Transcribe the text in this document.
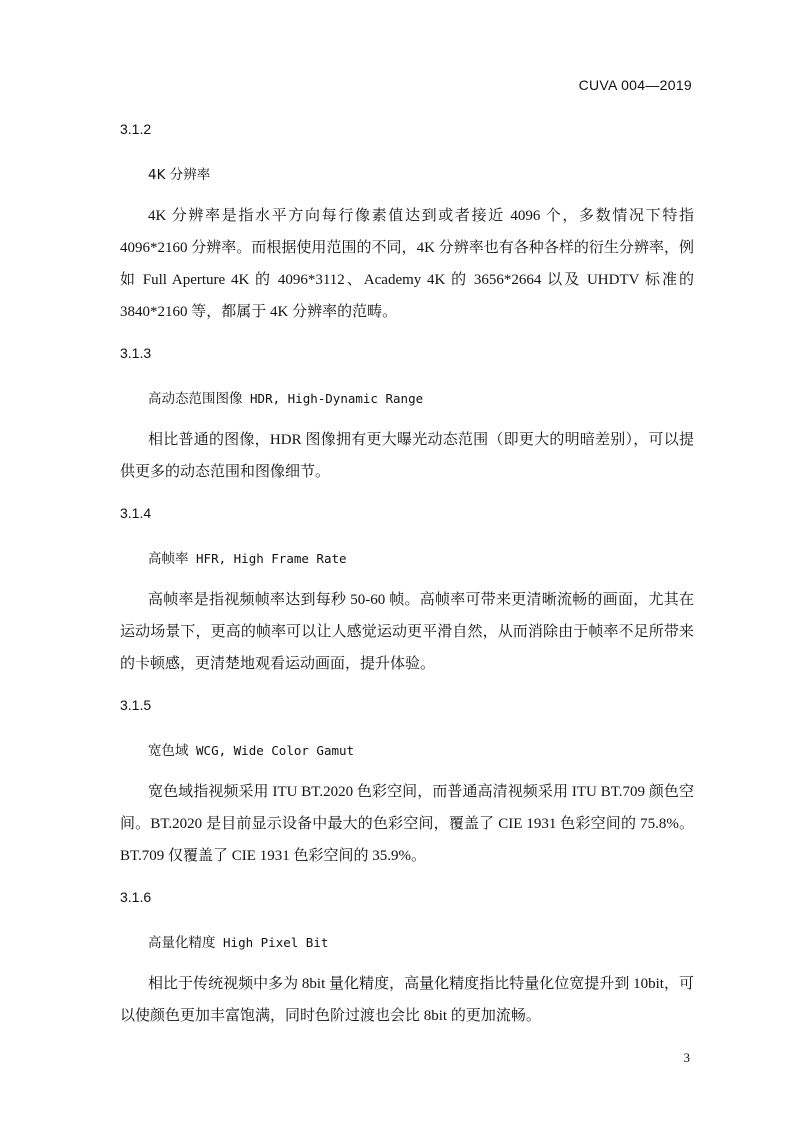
CUVA 004—2019

3.1.2

4K 分辨率

4K 分辨率是指水平方向每行像素值达到或者接近 4096 个，多数情况下特指 4096*2160 分辨率。而根据使用范围的不同，4K 分辨率也有各种各样的衍生分辨率，例如 Full Aperture 4K 的 4096*3112、Academy 4K 的 3656*2664 以及 UHDTV 标准的 3840*2160 等，都属于 4K 分辨率的范畴。

3.1.3

高动态范围图像 HDR, High-Dynamic Range

相比普通的图像，HDR 图像拥有更大曝光动态范围（即更大的明暗差别），可以提供更多的动态范围和图像细节。

3.1.4

高帧率 HFR, High Frame Rate

高帧率是指视频帧率达到每秒 50-60 帧。高帧率可带来更清晰流畅的画面，尤其在运动场景下，更高的帧率可以让人感觉运动更平滑自然，从而消除由于帧率不足所带来的卡顿感，更清楚地观看运动画面，提升体验。

3.1.5

宽色域 WCG, Wide Color Gamut

宽色域指视频采用 ITU BT.2020 色彩空间，而普通高清视频采用 ITU BT.709 颜色空间。BT.2020 是目前显示设备中最大的色彩空间，覆盖了 CIE 1931 色彩空间的 75.8%。BT.709 仅覆盖了 CIE 1931 色彩空间的 35.9%。

3.1.6

高量化精度 High Pixel Bit

相比于传统视频中多为 8bit 量化精度，高量化精度指比特量化位宽提升到 10bit，可以使颜色更加丰富饱满，同时色阶过渡也会比 8bit 的更加流畅。

3
